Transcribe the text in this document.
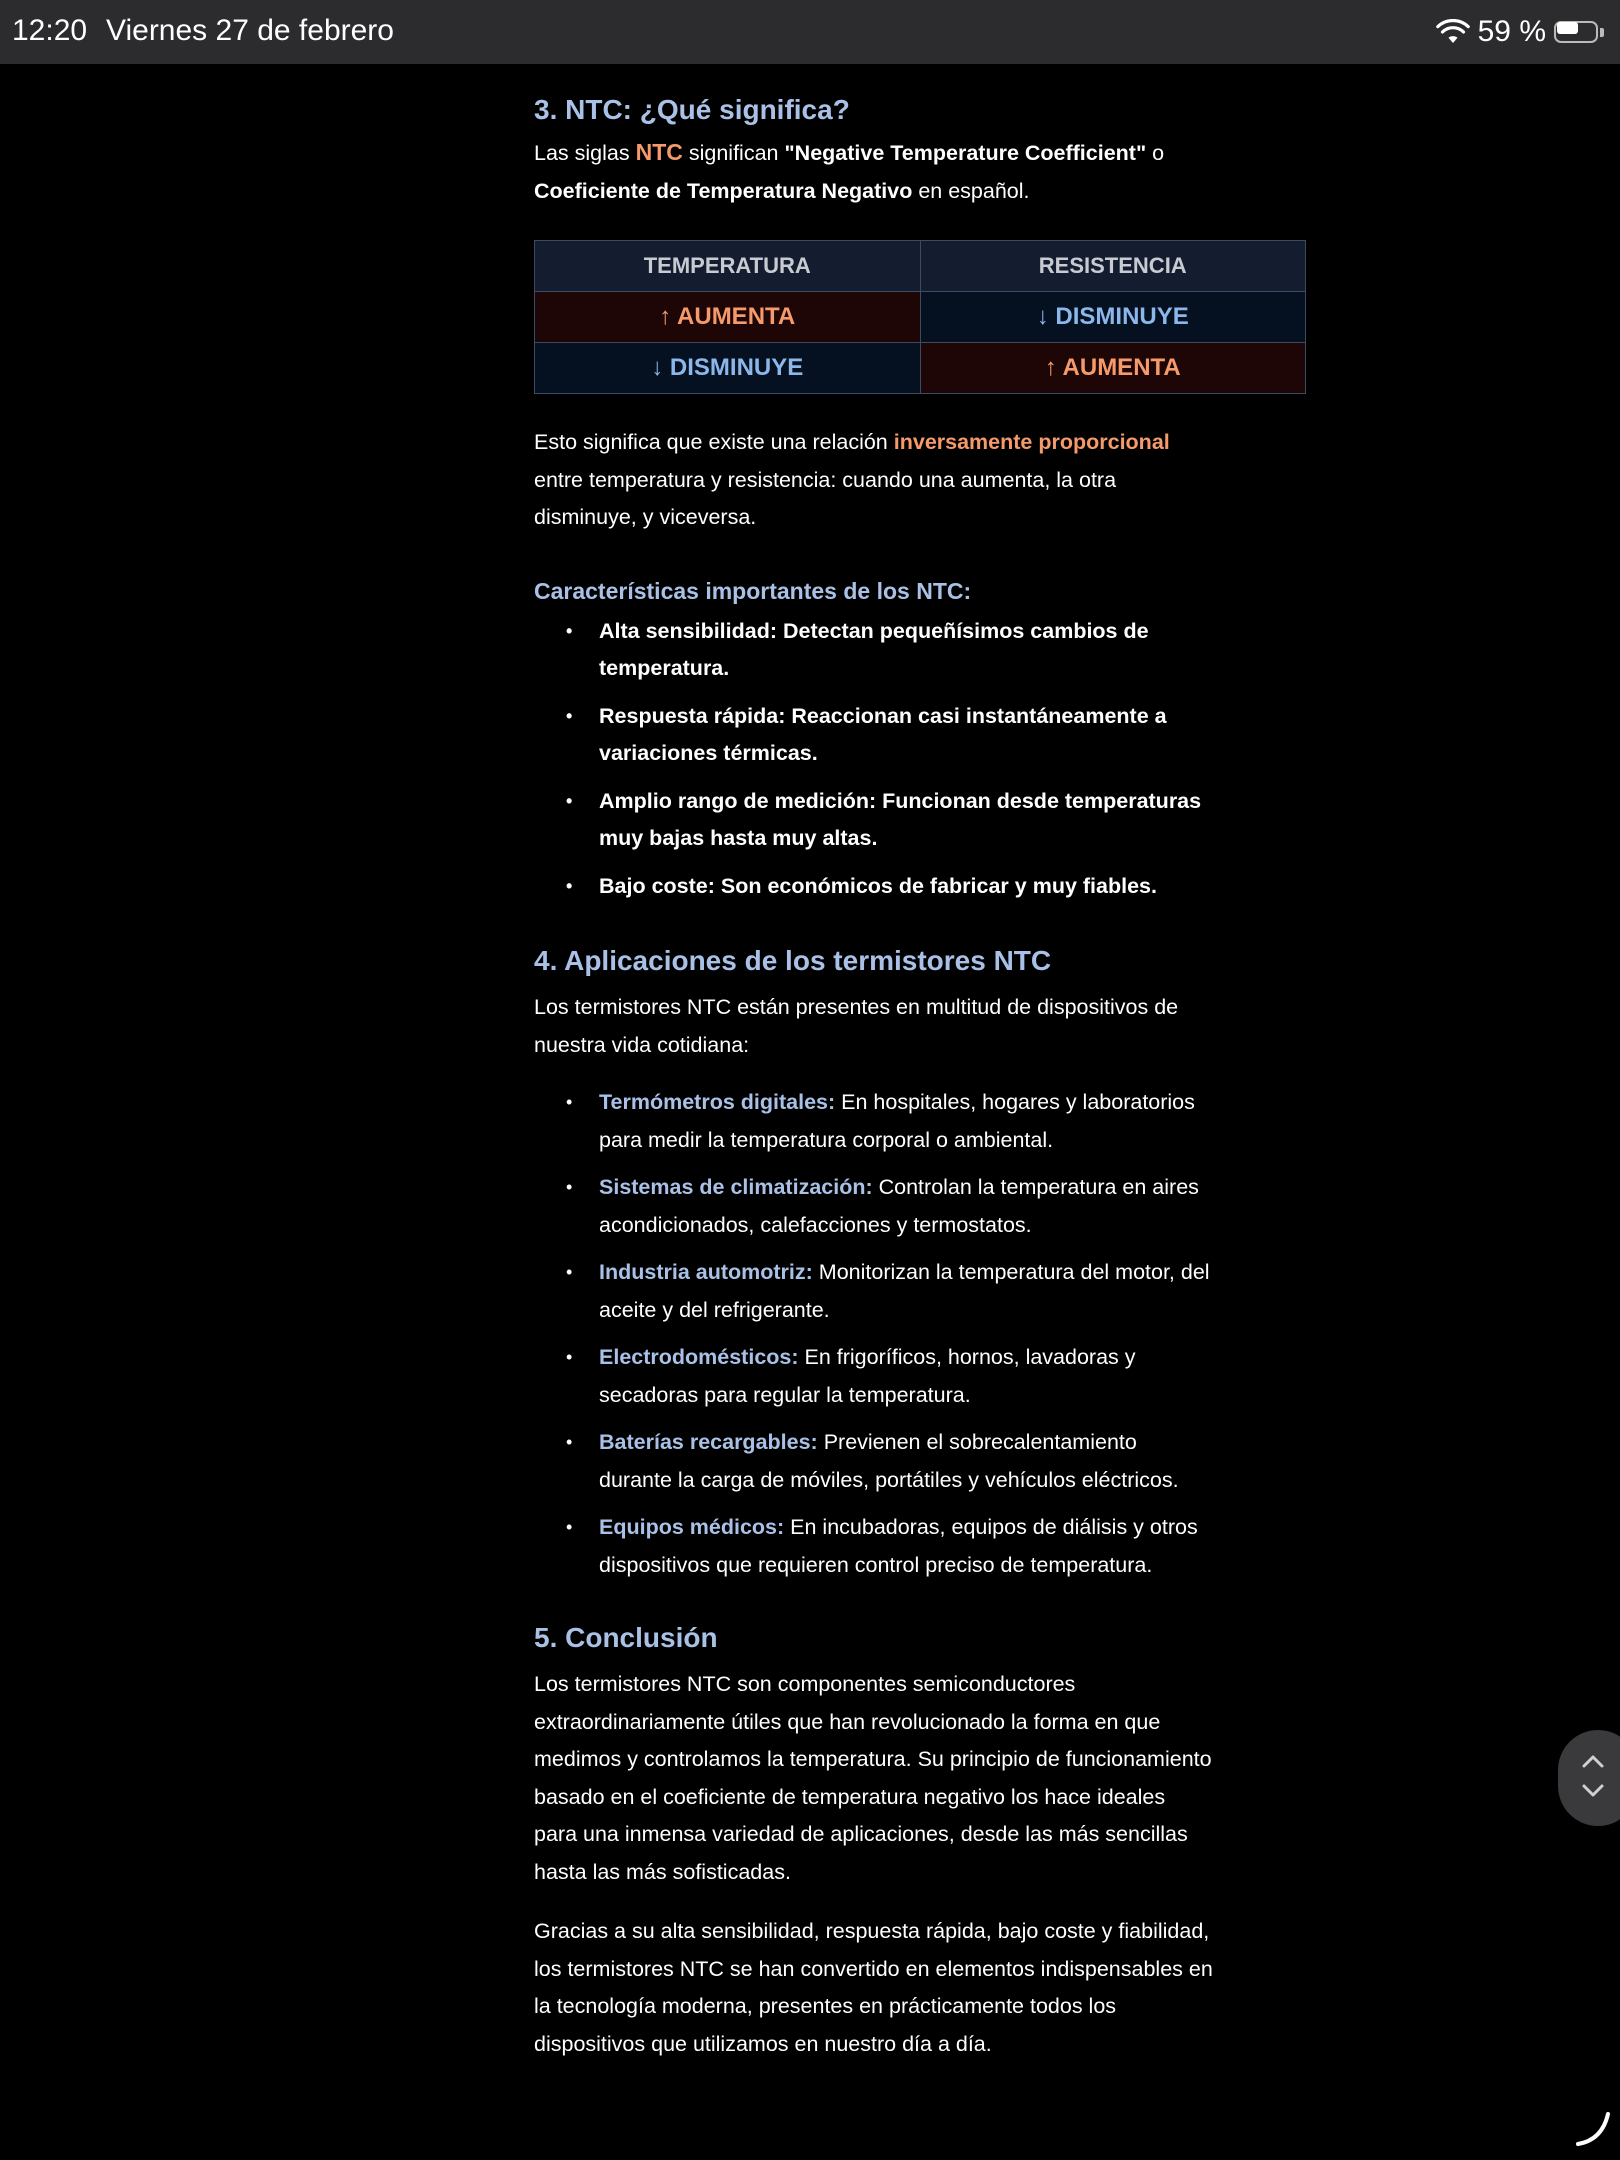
12:20 Viernes 27 de febrero	59 %
3. NTC: ¿Qué significa?

Las siglas NTC significan "Negative Temperature Coefficient" o
Coeficiente de Temperatura Negativo en español.

TEMPERATURA	RESISTENCIA
↑ AUMENTA	↓ DISMINUYE
↓ DISMINUYE	↑ AUMENTA

Esto significa que existe una relación inversamente proporcional
entre temperatura y resistencia: cuando una aumenta, la otra disminuye, y viceversa.

Características importantes de los NTC:
• Alta sensibilidad: Detectan pequeñísimos cambios de temperatura.
• Respuesta rápida: Reaccionan casi instantáneamente a variaciones térmicas.
• Amplio rango de medición: Funcionan desde temperaturas muy bajas hasta muy altas.
• Bajo coste: Son económicos de fabricar y muy fiables.
4. Aplicaciones de los termistores NTC

Los termistores NTC están presentes en multitud de dispositivos de nuestra vida cotidiana:

• Termómetros digitales: En hospitales, hogares y laboratorios para medir la temperatura corporal o ambiental.
• Sistemas de climatización: Controlan la temperatura en aires acondicionados, calefacciones y termostatos.
• Industria automotriz: Monitorizan la temperatura del motor, del aceite y del refrigerante.
• Electrodomésticos: En frigoríficos, hornos, lavadoras y secadoras para regular la temperatura.
• Baterías recargables: Previenen el sobrecalentamiento durante la carga de móviles, portátiles y vehículos eléctricos.
• Equipos médicos: En incubadoras, equipos de diálisis y otros dispositivos que requieren control preciso de temperatura.
5. Conclusión

Los termistores NTC son componentes semiconductores extraordinariamente útiles que han revolucionado la forma en que medimos y controlamos la temperatura. Su principio de funcionamiento basado en el coeficiente de temperatura negativo los hace ideales para una inmensa variedad de aplicaciones, desde las más sencillas hasta las más sofisticadas.

Gracias a su alta sensibilidad, respuesta rápida, bajo coste y fiabilidad, los termistores NTC se han convertido en elementos indispensables en la tecnología moderna, presentes en prácticamente todos los dispositivos que utilizamos en nuestro día a día.
